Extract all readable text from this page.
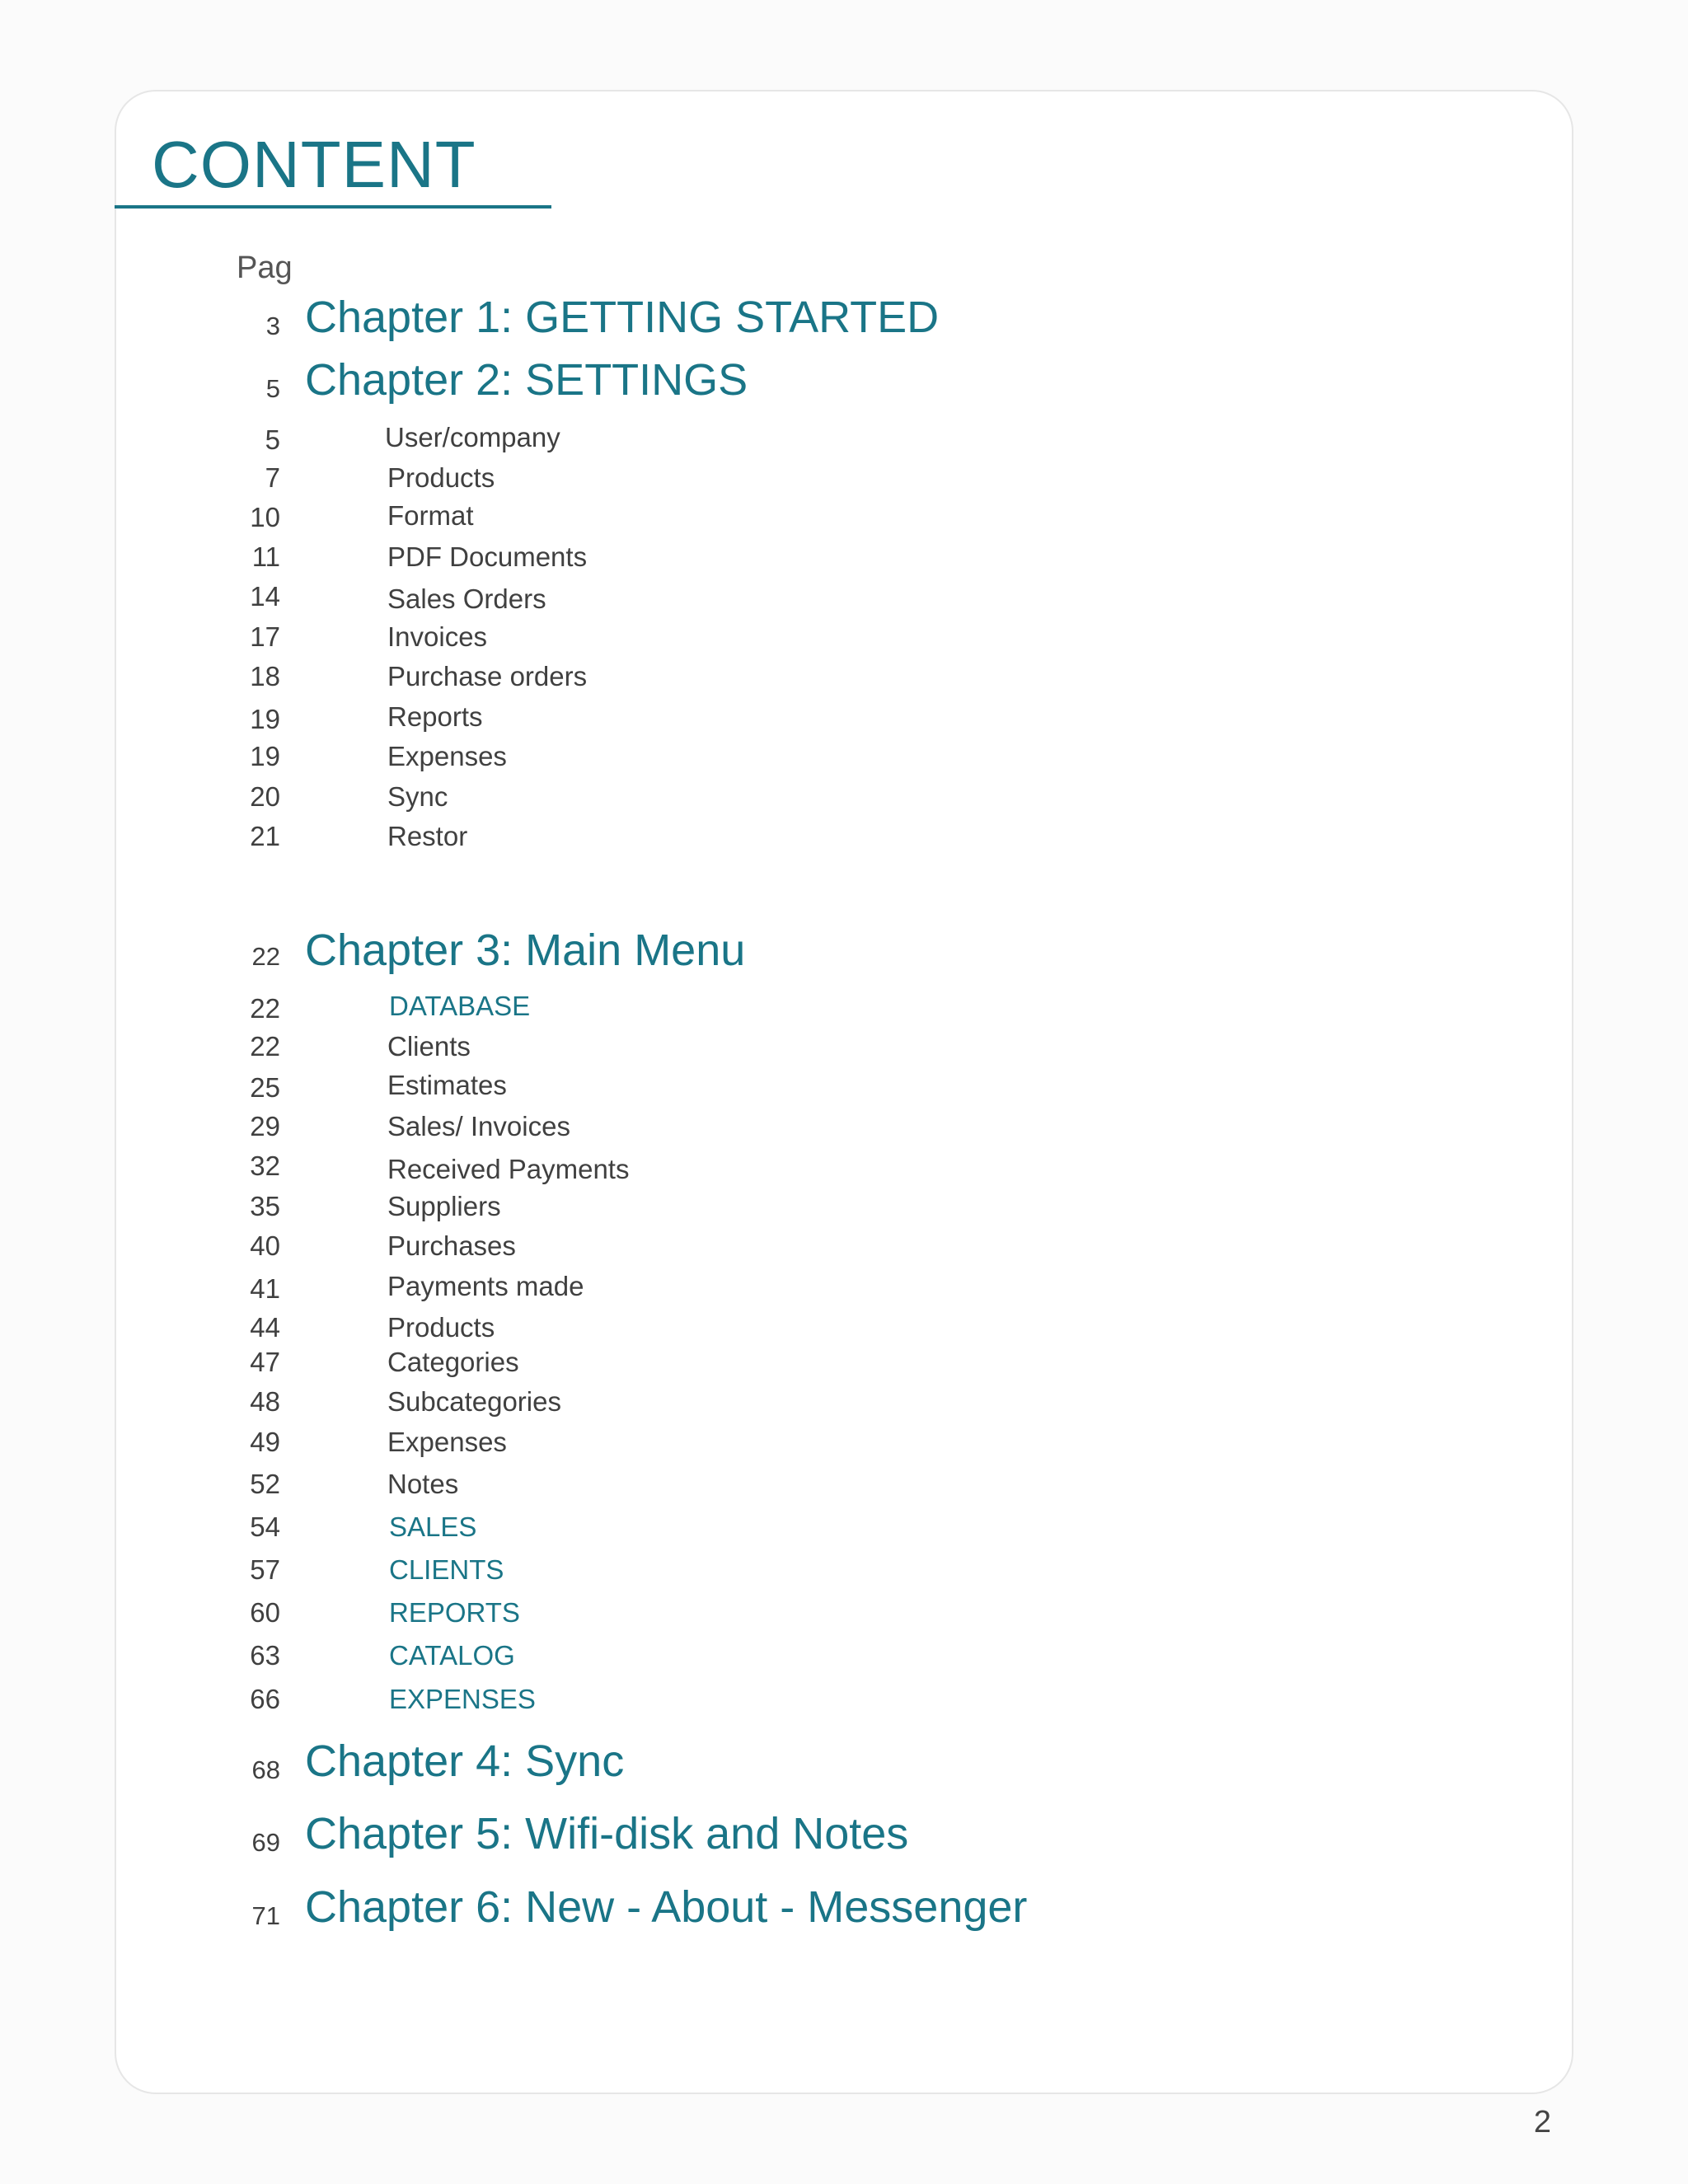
CONTENT
Pag
3 Chapter 1: GETTING STARTED
5 Chapter 2: SETTINGS
5	User/company
7	Products
10	Format
11	PDF Documents
14	Sales Orders
17	Invoices
18	Purchase orders
19	Reports
19	Expenses
20	Sync
21	Restor
22 Chapter 3: Main Menu
22	DATABASE
22	Clients
25	Estimates
29	Sales/ Invoices
32	Received Payments
35	Suppliers
40	Purchases
41	Payments made
44	Products
47	Categories
48	Subcategories
49	Expenses
52	Notes
54	SALES
57	CLIENTS
60	REPORTS
63	CATALOG
66	EXPENSES
68 Chapter 4: Sync
69 Chapter 5: Wifi-disk and Notes
71 Chapter 6: New - About - Messenger
2
